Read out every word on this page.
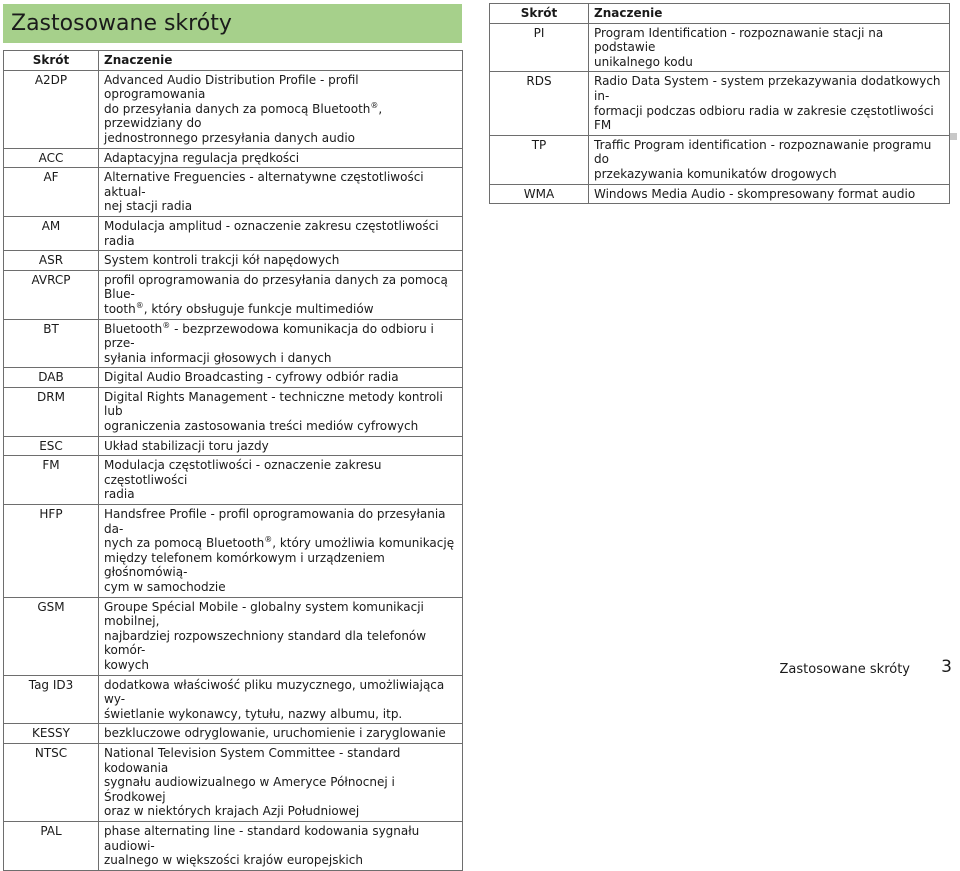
Zastosowane skróty
Skrót	Znaczenie
A2DP	Advanced Audio Distribution Profile - profil oprogramowania
do przesyłania danych za pomocą Bluetooth®, przewidziany do
jednostronnego przesyłania danych audio

ACC	Adaptacyjna regulacja prędkości

AF	Alternative Freguencies - alternatywne częstotliwości aktual-
nej stacji radia

AM	Modulacja amplitud - oznaczenie zakresu częstotliwości radia

ASR	System kontroli trakcji kół napędowych

AVRCP	profil oprogramowania do przesyłania danych za pomocą Blue-
tooth®, który obsługuje funkcje multimediów

BT	Bluetooth® - bezprzewodowa komunikacja do odbioru i prze-
syłania informacji głosowych i danych

DAB	Digital Audio Broadcasting - cyfrowy odbiór radia

DRM	Digital Rights Management - techniczne metody kontroli lub
ograniczenia zastosowania treści mediów cyfrowych

ESC	Układ stabilizacji toru jazdy

FM	Modulacja częstotliwości - oznaczenie zakresu częstotliwości
radia

HFP	Handsfree Profile - profil oprogramowania do przesyłania da-
nych za pomocą Bluetooth®, który umożliwia komunikację
między telefonem komórkowym i urządzeniem głośnomówią-
cym w samochodzie

GSM	Groupe Spécial Mobile - globalny system komunikacji mobilnej,
najbardziej rozpowszechniony standard dla telefonów komór-
kowych

Tag ID3	dodatkowa właściwość pliku muzycznego, umożliwiająca wy-
świetlanie wykonawcy, tytułu, nazwy albumu, itp.

KESSY	bezkluczowe odryglowanie, uruchomienie i zaryglowanie

NTSC	National Television System Committee - standard kodowania
sygnału audiowizualnego w Ameryce Północnej i Środkowej
oraz w niektórych krajach Azji Południowej

PAL	phase alternating line - standard kodowania sygnału audiowi-
zualnego w większości krajów europejskich
Skrót	Znaczenie
PI	Program Identification - rozpoznawanie stacji na podstawie
unikalnego kodu

RDS	Radio Data System - system przekazywania dodatkowych in-
formacji podczas odbioru radia w zakresie częstotliwości FM

TP	Traffic Program identification - rozpoznawanie programu do
przekazywania komunikatów drogowych

WMA	Windows Media Audio - skompresowany format audio
Zastosowane skróty 3
